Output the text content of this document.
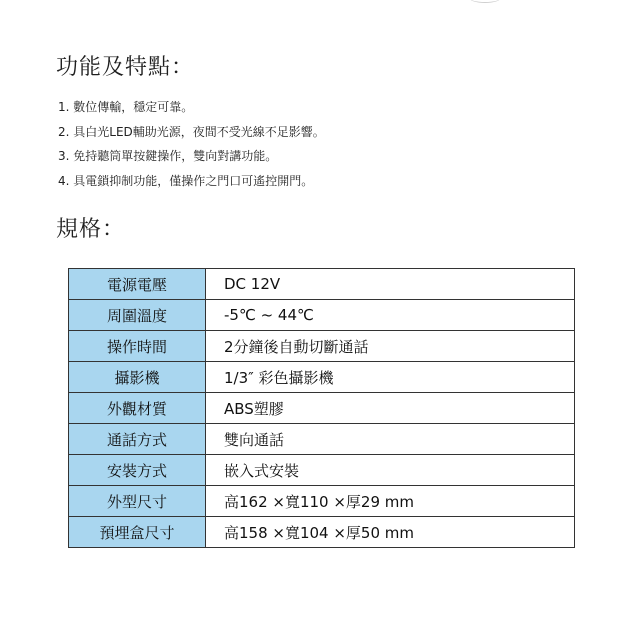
功能及特點：
1. 數位傳輸，穩定可靠。
2. 具白光LED輔助光源，夜間不受光線不足影響。
3. 免持聽筒單按鍵操作，雙向對講功能。
4. 具電鎖抑制功能，僅操作之門口可遙控開門。
規格：
電源電壓	DC 12V
周圍溫度	-5℃ ~ 44℃
操作時間	2分鐘後自動切斷通話
攝影機	1/3″ 彩色攝影機
外觀材質	ABS塑膠
通話方式	雙向通話
安裝方式	嵌入式安裝
外型尺寸	高162 ×寬110 ×厚29 mm
預埋盒尺寸	高158 ×寬104 ×厚50 mm
